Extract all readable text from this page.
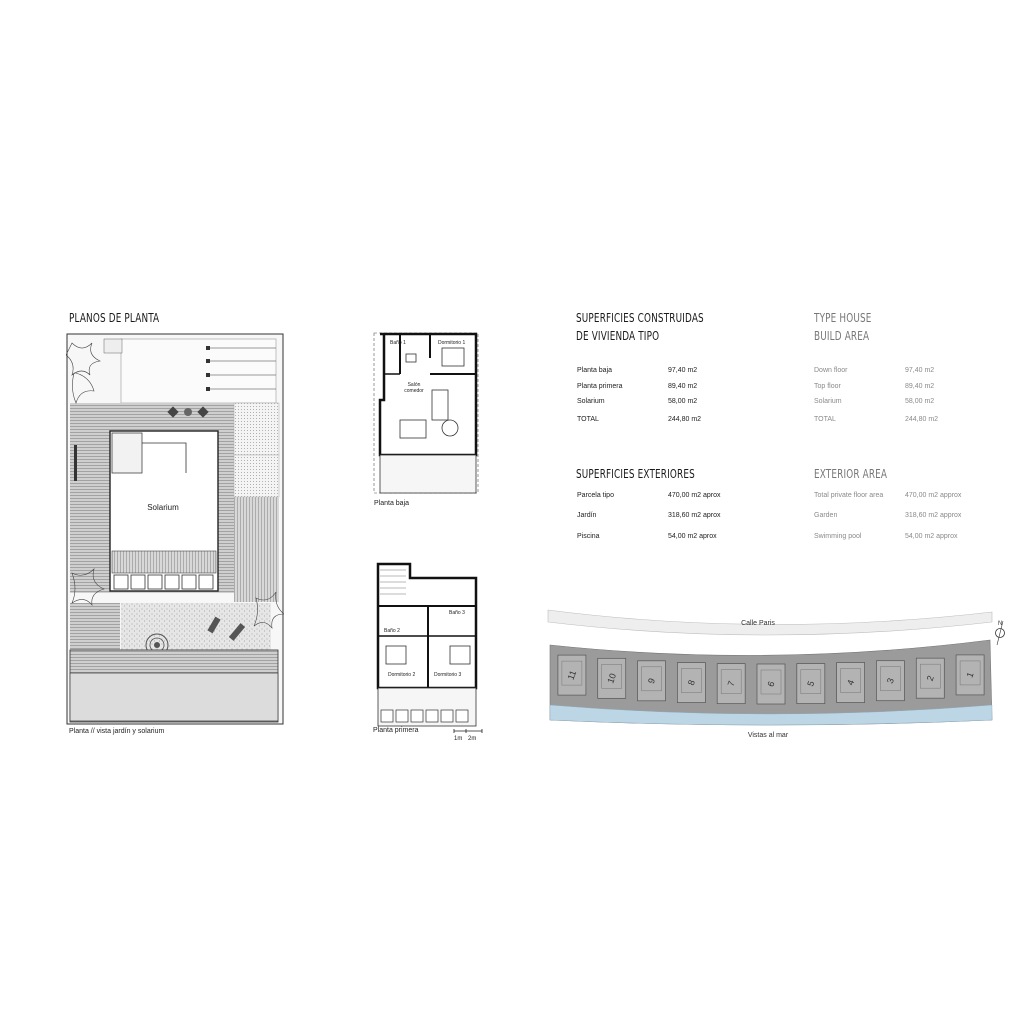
PLANOS DE PLANTA
Solarium
Planta // vista jardín y solarium
Baño 1	Dormitorio 1
Salón
comedor
Planta baja
Baño 3
Baño 2
Dormitorio 2	Dormitorio 3
Planta primera
1m 2m
SUPERFICIES CONSTRUIDAS
DE VIVIENDA TIPO
Planta baja	97,40 m2
Planta primera	89,40 m2
Solarium	58,00 m2
TOTAL	244,80 m2
SUPERFICIES EXTERIORES
Parcela tipo	470,00 m2 aprox
Jardín	318,60 m2 aprox
Piscina	54,00 m2 aprox
TYPE HOUSE
BUILD AREA
Down floor	97,40 m2
Top floor	89,40 m2
Solarium	58,00 m2
TOTAL	244,80 m2
EXTERIOR AREA
Total private floor area	470,00 m2 approx
Garden	318,60 m2 approx
Swimming pool	54,00 m2 approx
11	10	9	8	7	6	5	4	3	2	1
Calle Paris	N
Vistas al mar
